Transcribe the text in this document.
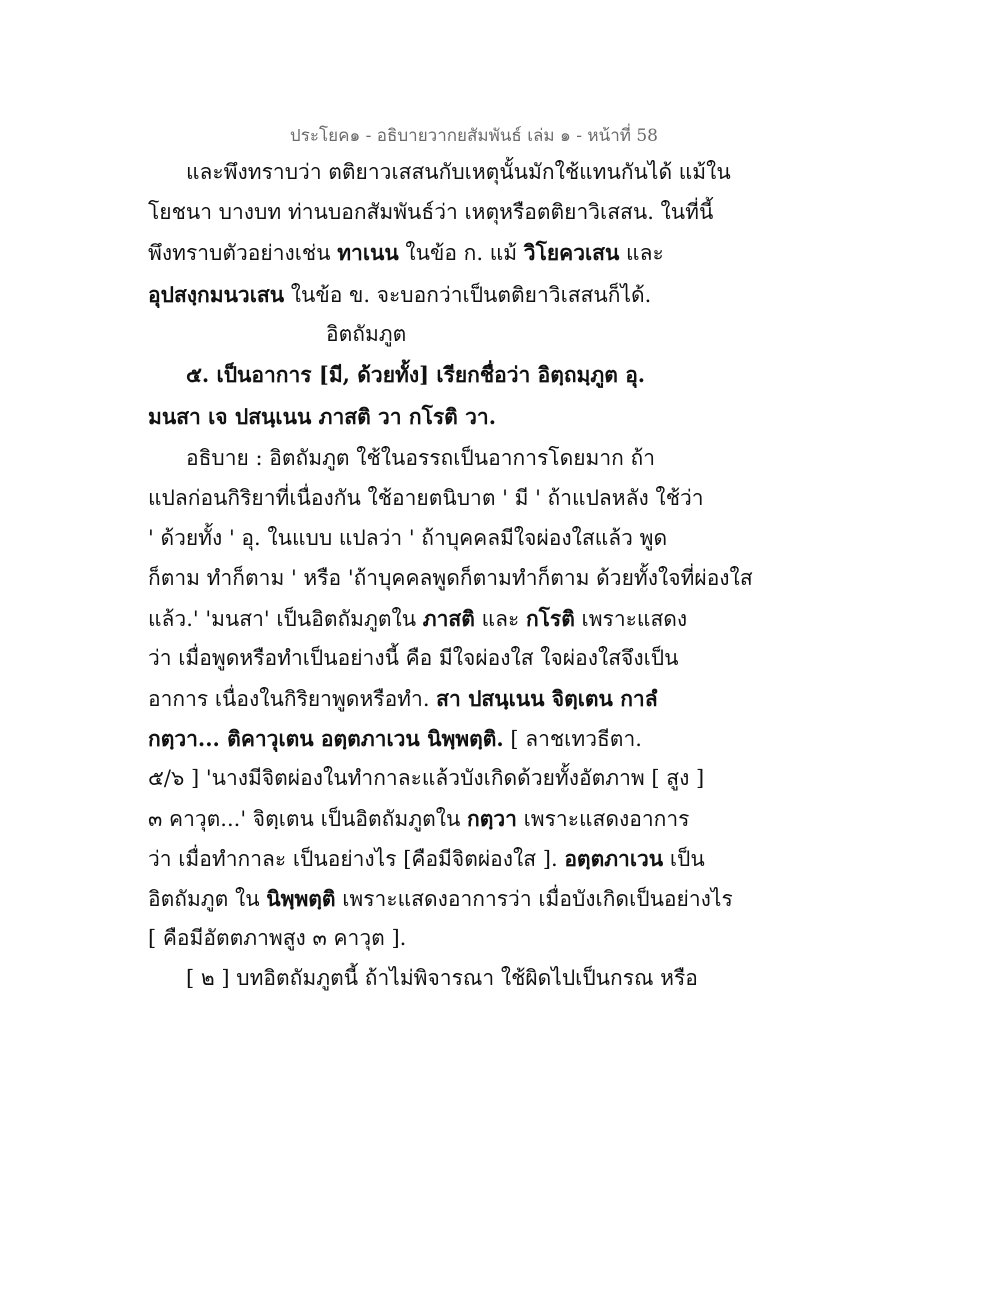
ประโยค๑ - อธิบายวากยสัมพันธ์ เล่ม ๑ - หน้าที่ 58
และพึงทราบว่า ตติยาวเสสนกับเหตุนั้นมักใช้แทนกันได้ แม้ใน
โยชนา บางบท ท่านบอกสัมพันธ์ว่า เหตุหรือตติยาวิเสสน. ในที่นี้
พึงทราบตัวอย่างเช่น ทาเนน ในข้อ ก. แม้ วิโยควเสน และ
อุปสงฺกมนวเสน ในข้อ ข. จะบอกว่าเป็นตติยาวิเสสนก็ได้.
อิตถัมภูต
๕. เป็นอาการ [มี, ด้วยทั้ง] เรียกชื่อว่า อิตฺถมฺภูต อุ.
มนสา เจ ปสนฺเนน ภาสติ วา กโรติ วา.
อธิบาย : อิตถัมภูต ใช้ในอรรถเป็นอาการโดยมาก ถ้า
แปลก่อนกิริยาที่เนื่องกัน ใช้อายตนิบาต ' มี ' ถ้าแปลหลัง ใช้ว่า
' ด้วยทั้ง ' อุ. ในแบบ แปลว่า ' ถ้าบุคคลมีใจผ่องใสแล้ว พูด
ก็ตาม ทำก็ตาม ' หรือ 'ถ้าบุคคลพูดก็ตามทำก็ตาม ด้วยทั้งใจที่ผ่องใส
แล้ว.' 'มนสา' เป็นอิตถัมภูตใน ภาสติ และ กโรติ เพราะแสดง
ว่า เมื่อพูดหรือทำเป็นอย่างนี้ คือ มีใจผ่องใส ใจผ่องใสจึงเป็น
อาการ เนื่องในกิริยาพูดหรือทำ. สา ปสนฺเนน จิตฺเตน กาลํ
กตฺวา... ติคาวุเตน อตฺตภาเวน นิพฺพตฺติ. [ ลาชเทวธีตา.
๕/๖ ] 'นางมีจิตผ่องในทำกาละแล้วบังเกิดด้วยทั้งอัตภาพ [ สูง ]
๓ คาวุต...' จิตฺเตน เป็นอิตถัมภูตใน กตฺวา เพราะแสดงอาการ
ว่า เมื่อทำกาละ เป็นอย่างไร [คือมีจิตผ่องใส ]. อตฺตภาเวน เป็น
อิตถัมภูต ใน นิพฺพตฺติ เพราะแสดงอาการว่า เมื่อบังเกิดเป็นอย่างไร
[ คือมีอัตตภาพสูง ๓ คาวุต ].
[ ๒ ] บทอิตถัมภูตนี้ ถ้าไม่พิจารณา ใช้ผิดไปเป็นกรณ หรือ
